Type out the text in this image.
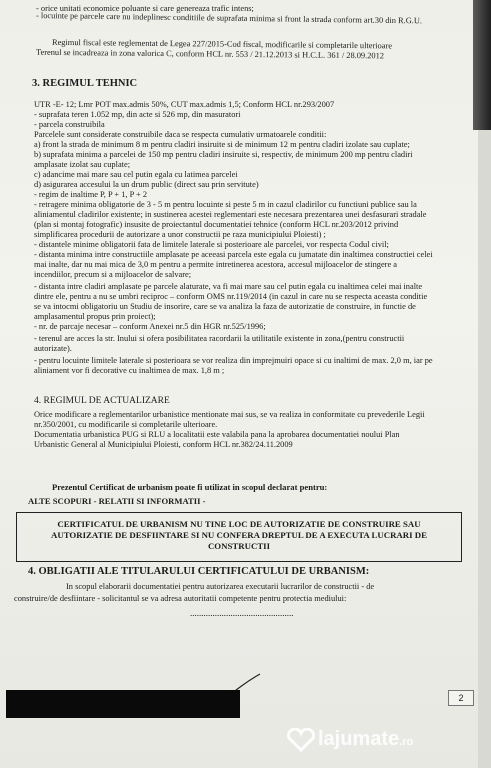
- orice unitati economice poluante si care genereaza trafic intens;
- locuinte pe parcele care nu indeplinesc conditiile de suprafata minima si front la strada conform art.30 din R.G.U.
Regimul fiscal este reglementat de Legea 227/2015-Cod fiscal, modificarile si completarile ulterioare
Terenul se incadreaza in zona valorica C, conform HCL nr. 553 / 21.12.2013 si H.C.L. 361 / 28.09.2012
3. REGIMUL TEHNIC
UTR -E- 12; Lmr POT max.admis 50%, CUT max.admis 1,5; Conform HCL nr.293/2007
- suprafata teren 1.052 mp, din acte si 526 mp, din masuratori
- parcela construibila
Parcelele sunt considerate construibile daca se respecta cumulativ urmatoarele conditii:
a) front la strada de minimum 8 m pentru cladiri insiruite si de minimum 12 m pentru cladiri izolate sau cuplate;
b) suprafata minima a parcelei de 150 mp pentru cladiri insiruite si, respectiv, de minimum 200 mp pentru cladiri
amplasate izolat sau cuplate;
c) adancime mai mare sau cel putin egala cu latimea parcelei
d) asigurarea accesului la un drum public (direct sau prin servitute)
- regim de inaltime P, P + 1, P + 2
- retragere minima obligatorie de 3 - 5 m pentru locuinte si peste 5 m in cazul cladirilor cu functiuni publice sau la
aliniamentul cladirilor existente; in sustinerea acestei reglementari este necesara prezentarea unei desfasurari stradale
(plan si montaj fotografic) insusite de proiectantul documentatiei tehnice (conform HCL nr.203/2012 privind
simplificarea procedurii de autorizare a unor constructii pe raza municipiului Ploiesti) ;
- distantele minime obligatorii fata de limitele laterale si posterioare ale parcelei, vor respecta Codul civil;
- distanta minima intre constructiile amplasate pe aceeasi parcela este egala cu jumatate din inaltimea constructiei celei
mai inalte, dar nu mai mica de 3,0 m pentru a permite intretinerea acestora, accesul mijloacelor de stingere a
incendiilor, precum si a mijloacelor de salvare;
- distanta intre cladiri amplasate pe parcele alaturate, va fi mai mare sau cel putin egala cu inaltimea celei mai inalte
dintre ele, pentru a nu se umbri reciproc – conform OMS nr.119/2014 (in cazul in care nu se respecta aceasta conditie
se va intocmi obligatoriu un Studiu de insorire, care se va analiza la faza de autorizatie de construire, in functie de
amplasamentul propus prin proiect);
- nr. de parcaje necesar – conform Anexei nr.5 din HGR nr.525/1996;
- terenul are acces la str. Inului si ofera posibilitatea racordarii la utilitatile existente in zona,(pentru constructii
autorizate).
- pentru locuinte limitele laterale si posterioara se vor realiza din imprejmuiri opace si cu inaltimi de max. 2,0 m, iar pe
aliniament vor fi decorative cu inaltimea de max. 1,8 m ;
4. REGIMUL DE ACTUALIZARE
Orice modificare a reglementarilor urbanistice mentionate mai sus, se va realiza in conformitate cu prevederile Legii
nr.350/2001, cu modificarile si completarile ulterioare.
Documentatia urbanistica PUG si RLU a localitatii este valabila pana la aprobarea documentatiei noului Plan
Urbanistic General al Municipiului Ploiesti, conform HCL nr.382/24.11.2009
Prezentul Certificat de urbanism poate fi utilizat in scopul declarat pentru:
ALTE SCOPURI - RELATII SI INFORMATII -
CERTIFICATUL DE URBANISM NU TINE LOC DE AUTORIZATIE DE CONSTRUIRE SAU
AUTORIZATIE DE DESFIINTARE SI NU CONFERA DREPTUL DE A EXECUTA LUCRARI DE
CONSTRUCTII
4. OBLIGATII ALE TITULARULUI CERTIFICATULUI DE URBANISM:
In scopul elaborarii documentatiei pentru autorizarea executarii lucrarilor de constructii - de
construire/de desfiintare - solicitantul se va adresa autoritatii competente pentru protectia mediului:
..............................................
2
lajumate.ro
